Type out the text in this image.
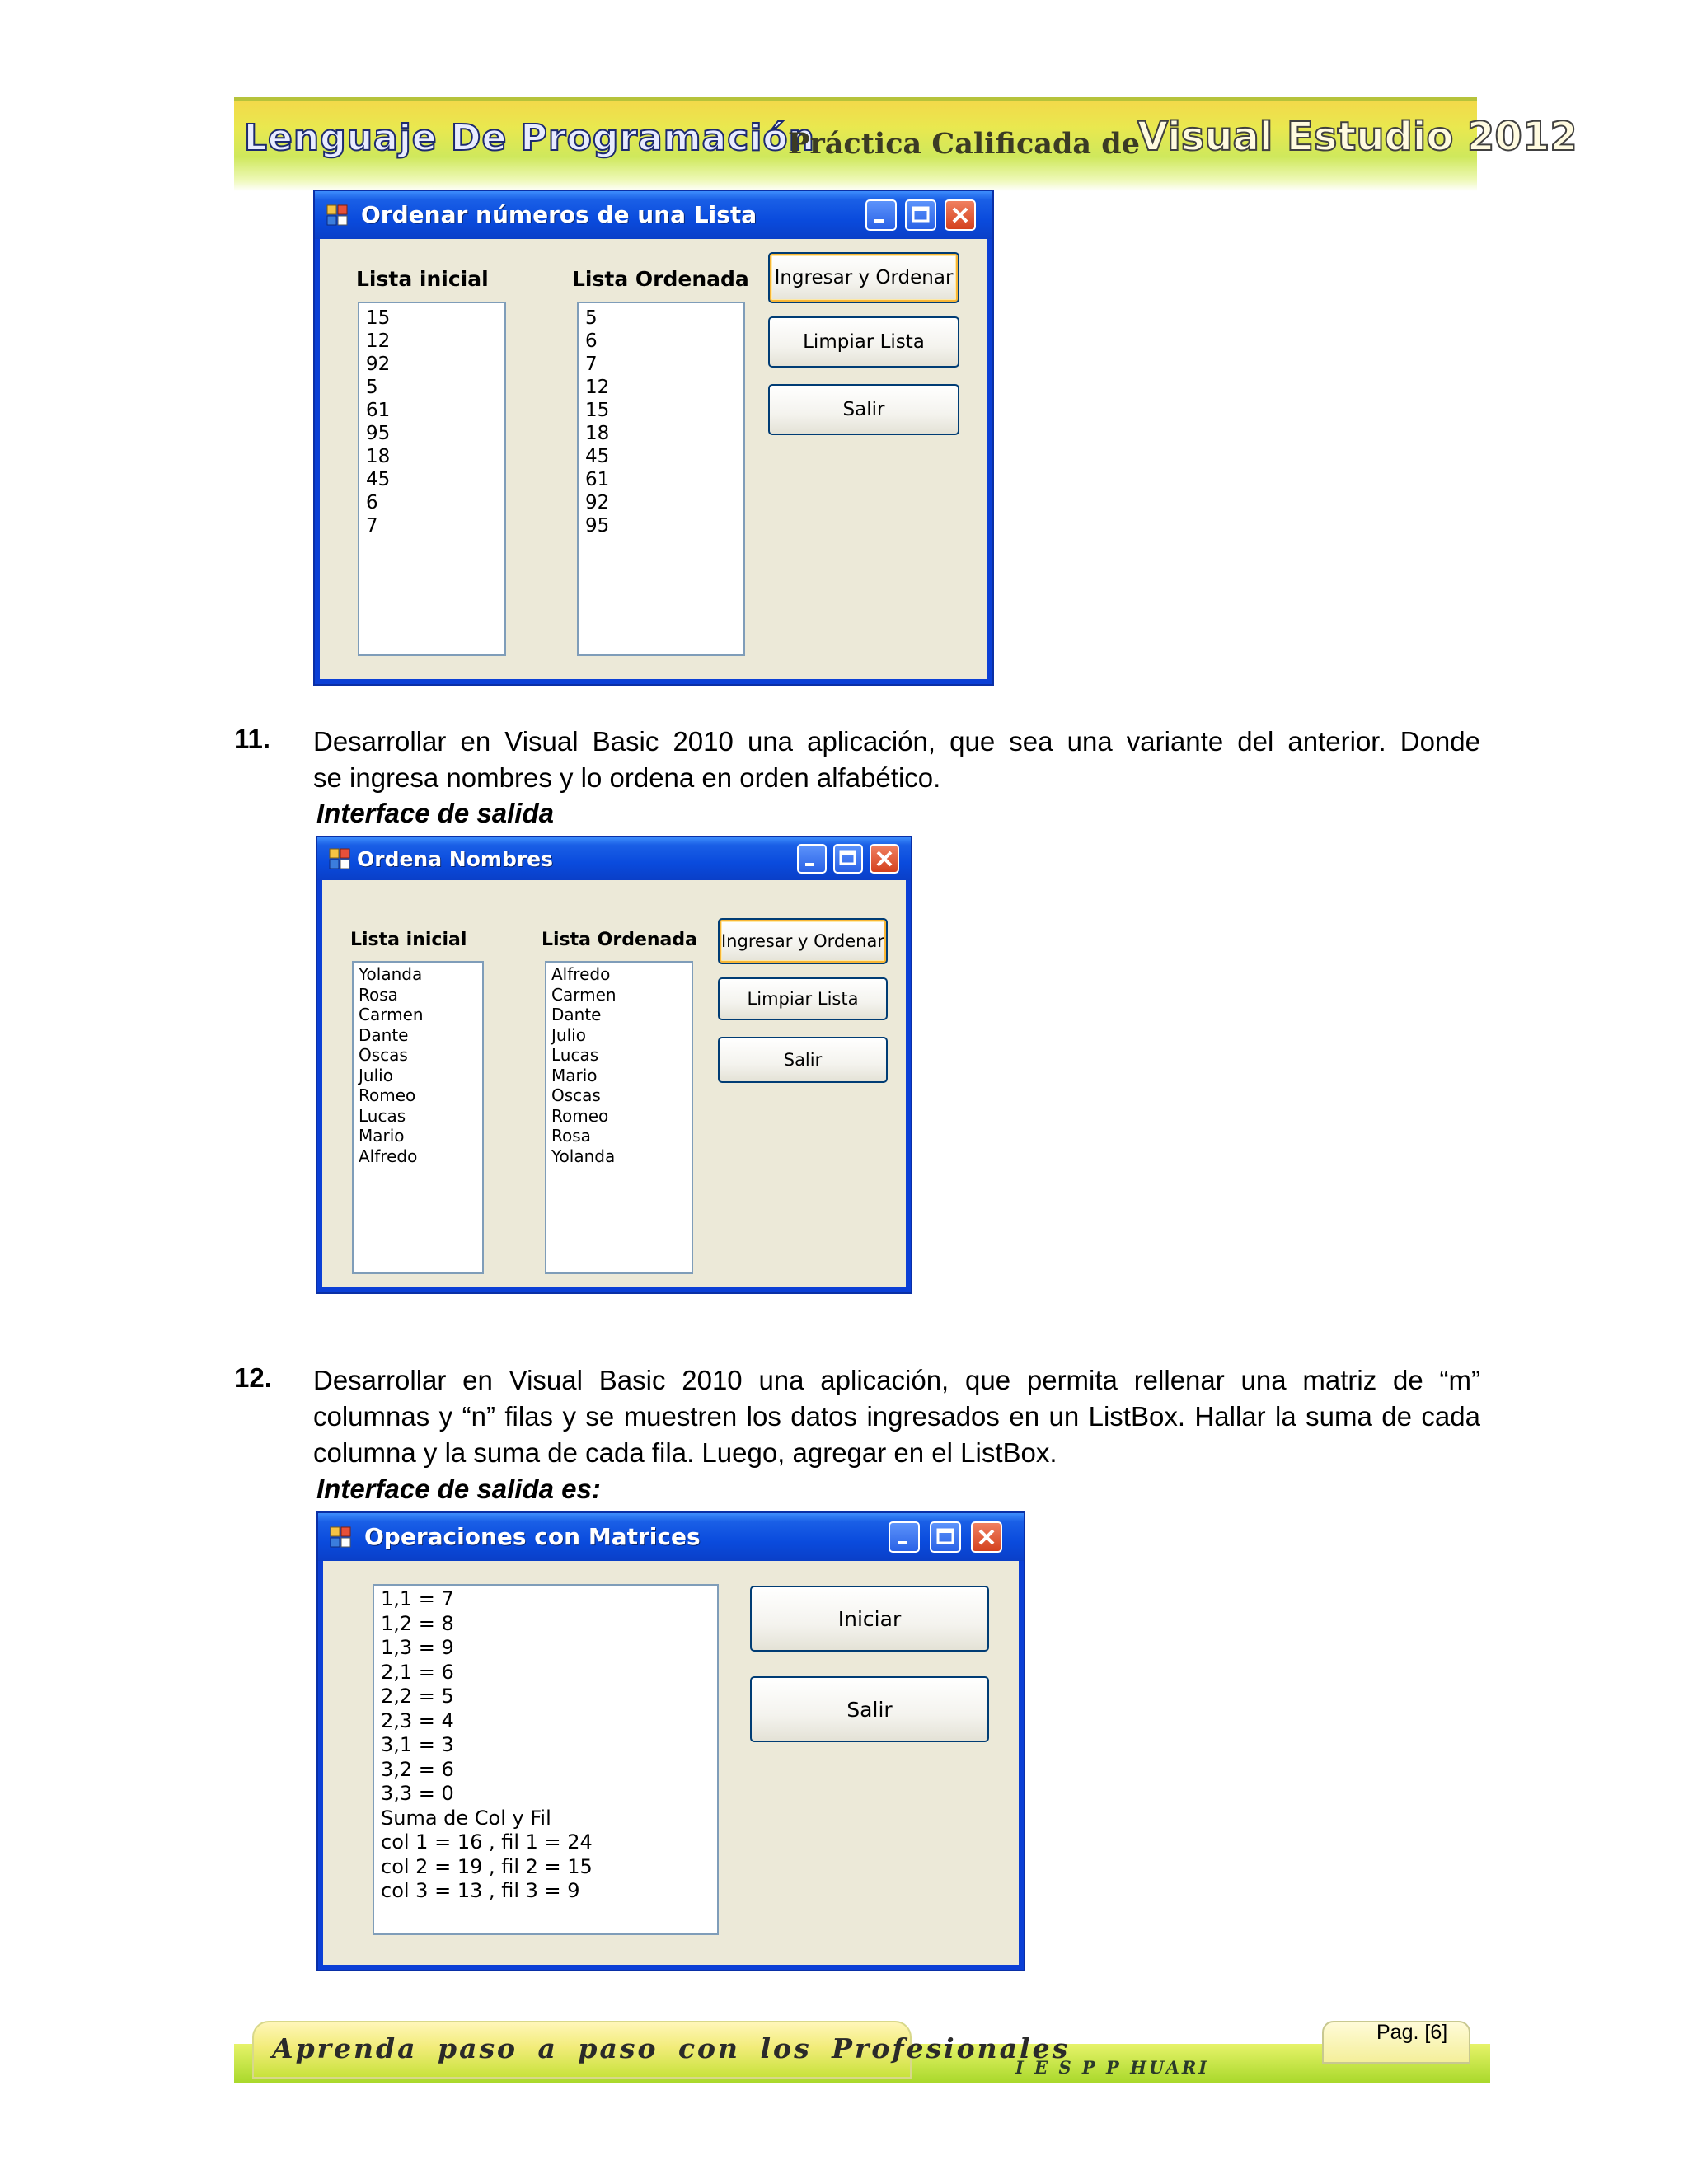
Lenguaje De Programación
Práctica Calificada de
Visual Estudio 2012
Ordenar números de una Lista
Lista inicial	Lista Ordenada
15
12
92
5
61
95
18
45
6
7
5
6
7
12
15
18
45
61
92
95
Ingresar y Ordenar
Limpiar Lista
Salir
11. Desarrollar en Visual Basic 2010 una aplicación, que sea una variante del anterior. Donde
se ingresa nombres y lo ordena en orden alfabético.
Interface de salida
Ordena Nombres
Lista inicial	Lista Ordenada
Yolanda
Rosa
Carmen
Dante
Oscas
Julio
Romeo
Lucas
Mario
Alfredo
Alfredo
Carmen
Dante
Julio
Lucas
Mario
Oscas
Romeo
Rosa
Yolanda
Ingresar y Ordenar
Limpiar Lista
Salir
12. Desarrollar en Visual Basic 2010 una aplicación, que permita rellenar una matriz de “m”
columnas y “n” filas y se muestren los datos ingresados en un ListBox. Hallar la suma de cada
columna y la suma de cada fila. Luego, agregar en el ListBox.
Interface de salida es:
Operaciones con Matrices
1,1 = 7
1,2 = 8
1,3 = 9
2,1 = 6
2,2 = 5
2,3 = 4
3,1 = 3
3,2 = 6
3,3 = 0
Suma de Col y Fil
col 1 = 16 , fil 1 = 24
col 2 = 19 , fil 2 = 15
col 3 = 13 , fil 3 = 9
Iniciar
Salir
Aprenda paso a paso con los Profesionales
I E S P P HUARI
Pag. [6]
